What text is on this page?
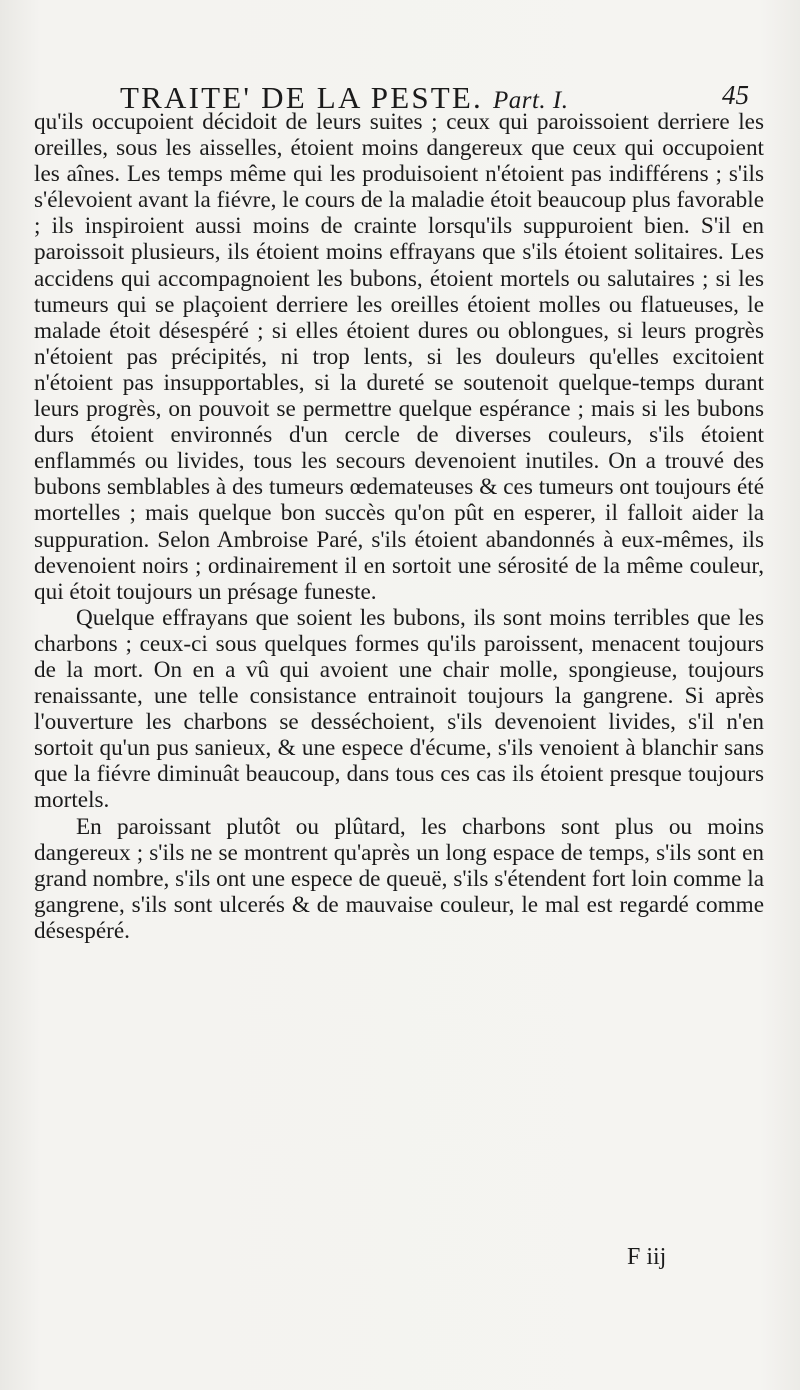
TRAITE' DE LA PESTE. Part. I.	45

qu'ils occupoient décidoit de leurs suites ; ceux qui paroissoient derriere les oreilles, sous les aisselles, étoient moins dangereux que ceux qui occupoient les aînes. Les temps même qui les produisoient n'étoient pas indifférens ; s'ils s'élevoient avant la fiévre, le cours de la maladie étoit beaucoup plus favorable ; ils inspiroient aussi moins de crainte lorsqu'ils suppuroient bien. S'il en paroissoit plusieurs, ils étoient moins effrayans que s'ils étoient solitaires. Les accidens qui accompagnoient les bubons, étoient mortels ou salutaires ; si les tumeurs qui se plaçoient derriere les oreilles étoient molles ou flatueuses, le malade étoit désespéré ; si elles étoient dures ou oblongues, si leurs progrès n'étoient pas précipités, ni trop lents, si les douleurs qu'elles excitoient n'étoient pas insupportables, si la dureté se soutenoit quelque-temps durant leurs progrès, on pouvoit se permettre quelque espérance ; mais si les bubons durs étoient environnés d'un cercle de diverses couleurs, s'ils étoient enflammés ou livides, tous les secours devenoient inutiles. On a trouvé des bubons semblables à des tumeurs œdemateuses & ces tumeurs ont toujours été mortelles ; mais quelque bon succès qu'on pût en esperer, il falloit aider la suppuration. Selon Ambroise Paré, s'ils étoient abandonnés à eux-mêmes, ils devenoient noirs ; ordinairement il en sortoit une sérosité de la même couleur, qui étoit toujours un présage funeste.

Quelque effrayans que soient les bubons, ils sont moins terribles que les charbons ; ceux-ci sous quelques formes qu'ils paroissent, menacent toujours de la mort. On en a vû qui avoient une chair molle, spongieuse, toujours renaissante, une telle consistance entrainoit toujours la gangrene. Si après l'ouverture les charbons se desséchoient, s'ils devenoient livides, s'il n'en sortoit qu'un pus sanieux, & une espece d'écume, s'ils venoient à blanchir sans que la fiévre diminuât beaucoup, dans tous ces cas ils étoient presque toujours mortels.

En paroissant plutôt ou plûtard, les charbons sont plus ou moins dangereux ; s'ils ne se montrent qu'après un long espace de temps, s'ils sont en grand nombre, s'ils ont une espece de queuë, s'ils s'étendent fort loin comme la gangrene, s'ils sont ulcerés & de mauvaise couleur, le mal est regardé comme désespéré.

F iij
